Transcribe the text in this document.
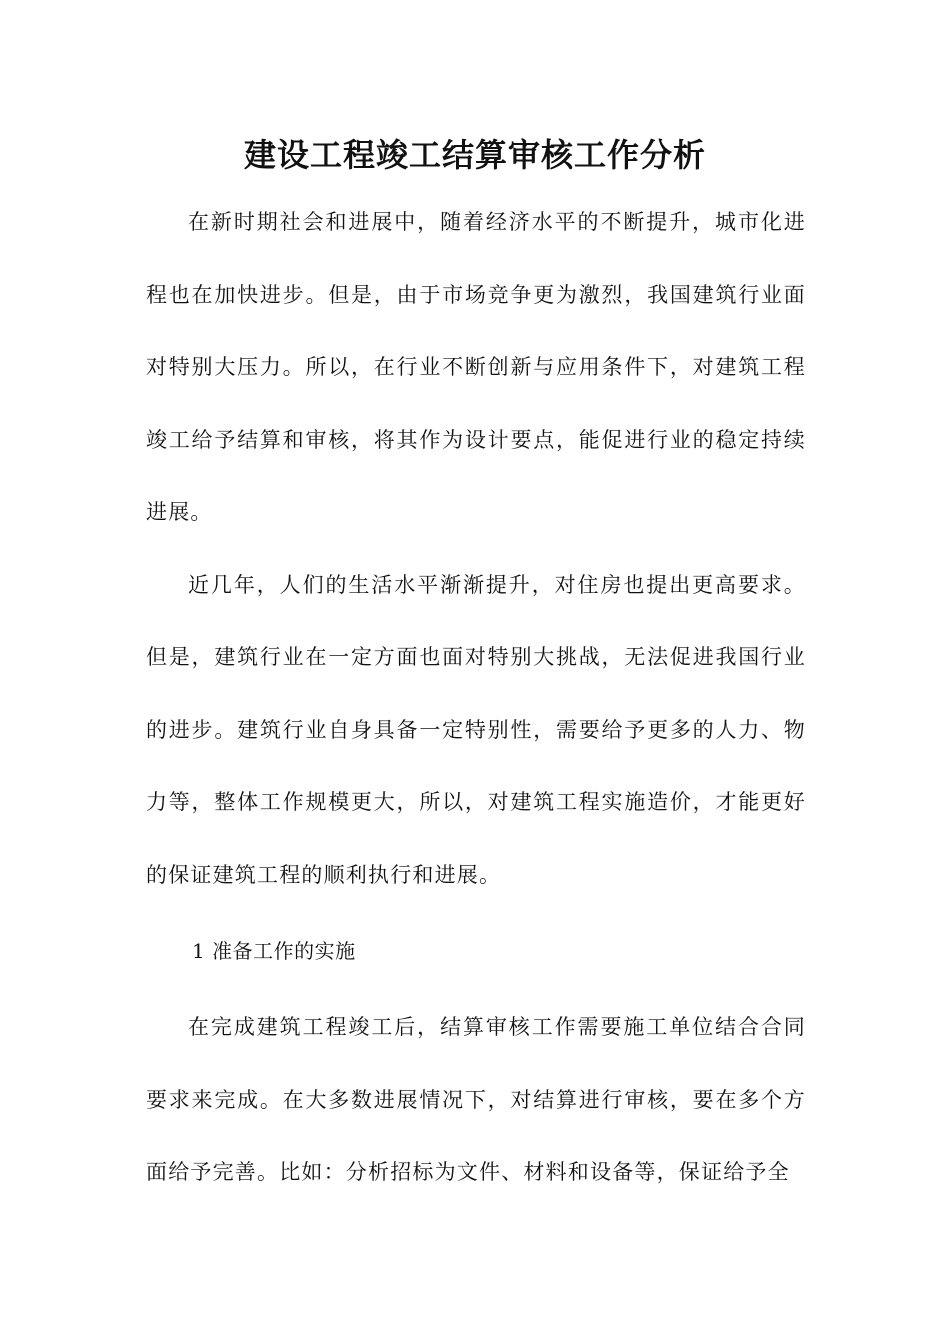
建设工程竣工结算审核工作分析

在新时期社会和进展中，随着经济水平的不断提升，城市化进程也在加快进步。但是，由于市场竞争更为激烈，我国建筑行业面对特别大压力。所以，在行业不断创新与应用条件下，对建筑工程竣工给予结算和审核，将其作为设计要点，能促进行业的稳定持续进展。

近几年，人们的生活水平渐渐提升，对住房也提出更高要求。但是，建筑行业在一定方面也面对特别大挑战，无法促进我国行业的进步。建筑行业自身具备一定特别性，需要给予更多的人力、物力等，整体工作规模更大，所以，对建筑工程实施造价，才能更好的保证建筑工程的顺利执行和进展。

1 准备工作的实施

在完成建筑工程竣工后，结算审核工作需要施工单位结合合同要求来完成。在大多数进展情况下，对结算进行审核，要在多个方面给予完善。比如：分析招标为文件、材料和设备等，保证给予全
